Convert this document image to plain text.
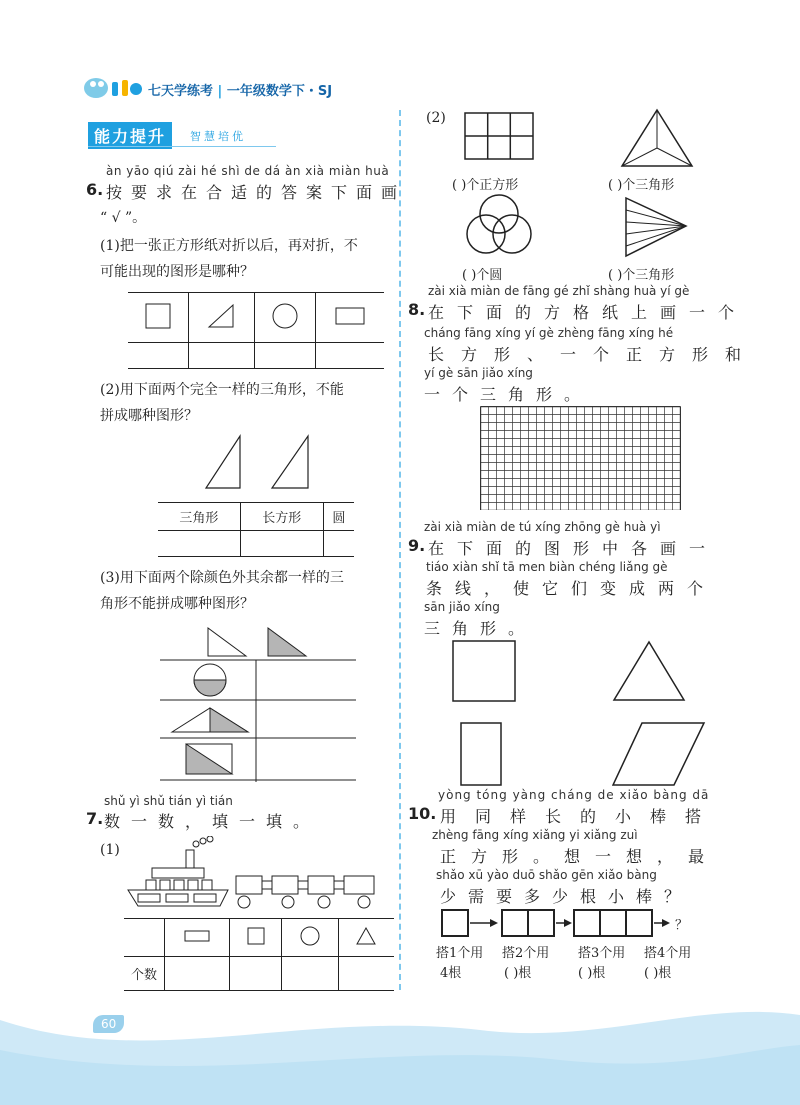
60
七天学练考 | 一年级数学下・SJ
能力提升	智慧培优
àn yāo qiú zài hé shì de dá àn xià miàn huà
6. 按要求在合适的答案下面画
“ √ ”。
(1)把一张正方形纸对折以后，再对折，不
可能出现的图形是哪种？

(2)用下面两个完全一样的三角形，不能
拼成哪种图形？
三角形	长方形	圆

(3)用下面两个除颜色外其余都一样的三
角形不能拼成哪种图形？
shǔ yì shǔ tián yì tián
7. 数一数，填一填。
(1)

个数				
(2)
( )个正方形	( )个三角形
( )个圆	( )个三角形
zài xià miàn de fāng gé zhǐ shàng huà yí gè
8. 在下面的方格纸上画一个
cháng fāng xíng yí gè zhèng fāng xíng hé
长方形、一个正方形和
yí gè sān jiǎo xíng
一个三角形。
zài xià miàn de tú xíng zhōng gè huà yì
9. 在下面的图形中各画一
tiáo xiàn shǐ tā men biàn chéng liǎng gè
条线，使它们变成两个
sān jiǎo xíng
三角形。
yòng tóng yàng cháng de xiǎo bàng dā
10. 用同样长的小棒搭
zhèng fāng xíng xiǎng yi xiǎng zuì
正方形。想一想，最
shǎo xū yào duō shǎo gēn xiǎo bàng
少需要多少根小棒？
？
搭1个用 搭2个用 搭3个用 搭4个用
4根	( )根	( )根	( )根
